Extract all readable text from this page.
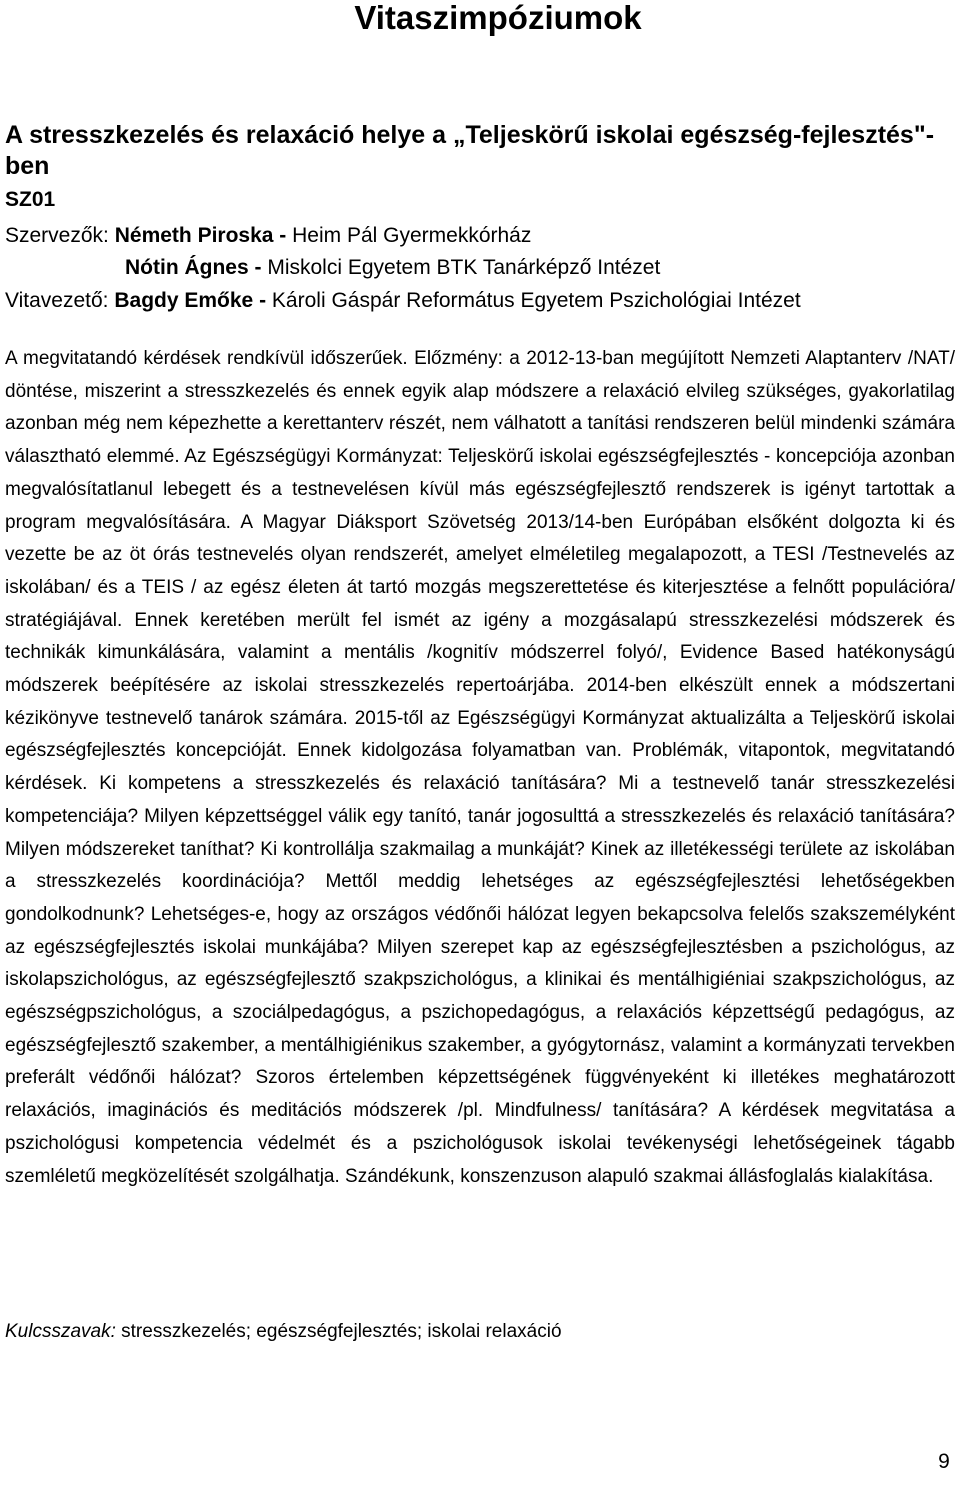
Vitaszimpóziumok
A stresszkezelés és relaxáció helye a „Teljeskörű iskolai egészség-fejlesztés"-ben
SZ01
Szervezők: Németh Piroska - Heim Pál Gyermekkórház
Nótin Ágnes - Miskolci Egyetem BTK Tanárképző Intézet
Vitavezető: Bagdy Emőke - Károli Gáspár Református Egyetem Pszichológiai Intézet

A megvitatandó kérdések rendkívül időszerűek. Előzmény: a 2012-13-ban megújított Nemzeti Alaptanterv /NAT/ döntése, miszerint a stresszkezelés és ennek egyik alap módszere a relaxáció elvileg szükséges, gyakorlatilag azonban még nem képezhette a kerettanterv részét, nem válhatott a tanítási rendszeren belül mindenki számára választható elemmé. Az Egészségügyi Kormányzat: Teljeskörű iskolai egészségfejlesztés - koncepciója azonban megvalósítatlanul lebegett és a testnevelésen kívül más egészségfejlesztő rendszerek is igényt tartottak a program megvalósítására. A Magyar Diáksport Szövetség 2013/14-ben Európában elsőként dolgozta ki és vezette be az öt órás testnevelés olyan rendszerét, amelyet elméletileg megalapozott, a TESI /Testnevelés az iskolában/ és a TEIS / az egész életen át tartó mozgás megszerettetése és kiterjesztése a felnőtt populációra/ stratégiájával. Ennek keretében merült fel ismét az igény a mozgásalapú stresszkezelési módszerek és technikák kimunkálására, valamint a mentális /kognitív módszerrel folyó/, Evidence Based hatékonyságú módszerek beépítésére az iskolai stresszkezelés repertoárjába. 2014-ben elkészült ennek a módszertani kézikönyve testnevelő tanárok számára. 2015-től az Egészségügyi Kormányzat aktualizálta a Teljeskörű iskolai egészségfejlesztés koncepcióját. Ennek kidolgozása folyamatban van. Problémák, vitapontok, megvitatandó kérdések. Ki kompetens a stresszkezelés és relaxáció tanítására? Mi a testnevelő tanár stresszkezelési kompetenciája? Milyen képzettséggel válik egy tanító, tanár jogosulttá a stresszkezelés és relaxáció tanítására? Milyen módszereket taníthat? Ki kontrollálja szakmailag a munkáját? Kinek az illetékességi területe az iskolában a stresszkezelés koordinációja? Mettől meddig lehetséges az egészségfejlesztési lehetőségekben gondolkodnunk? Lehetséges-e, hogy az országos védőnői hálózat legyen bekapcsolva felelős szakszemélyként az egészségfejlesztés iskolai munkájába? Milyen szerepet kap az egészségfejlesztésben a pszichológus, az iskolapszichológus, az egészségfejlesztő szakpszichológus, a klinikai és mentálhigiéniai szakpszichológus, az egészségpszichológus, a szociálpedagógus, a pszichopedagógus, a relaxációs képzettségű pedagógus, az egészségfejlesztő szakember, a mentálhigiénikus szakember, a gyógytornász, valamint a kormányzati tervekben preferált védőnői hálózat? Szoros értelemben képzettségének függvényeként ki illetékes meghatározott relaxációs, imaginációs és meditációs módszerek /pl. Mindfulness/ tanítására? A kérdések megvitatása a pszichológusi kompetencia védelmét és a pszichológusok iskolai tevékenységi lehetőségeinek tágabb szemléletű megközelítését szolgálhatja. Szándékunk, konszenzuson alapuló szakmai állásfoglalás kialakítása.

Kulcsszavak: stresszkezelés; egészségfejlesztés; iskolai relaxáció
9
